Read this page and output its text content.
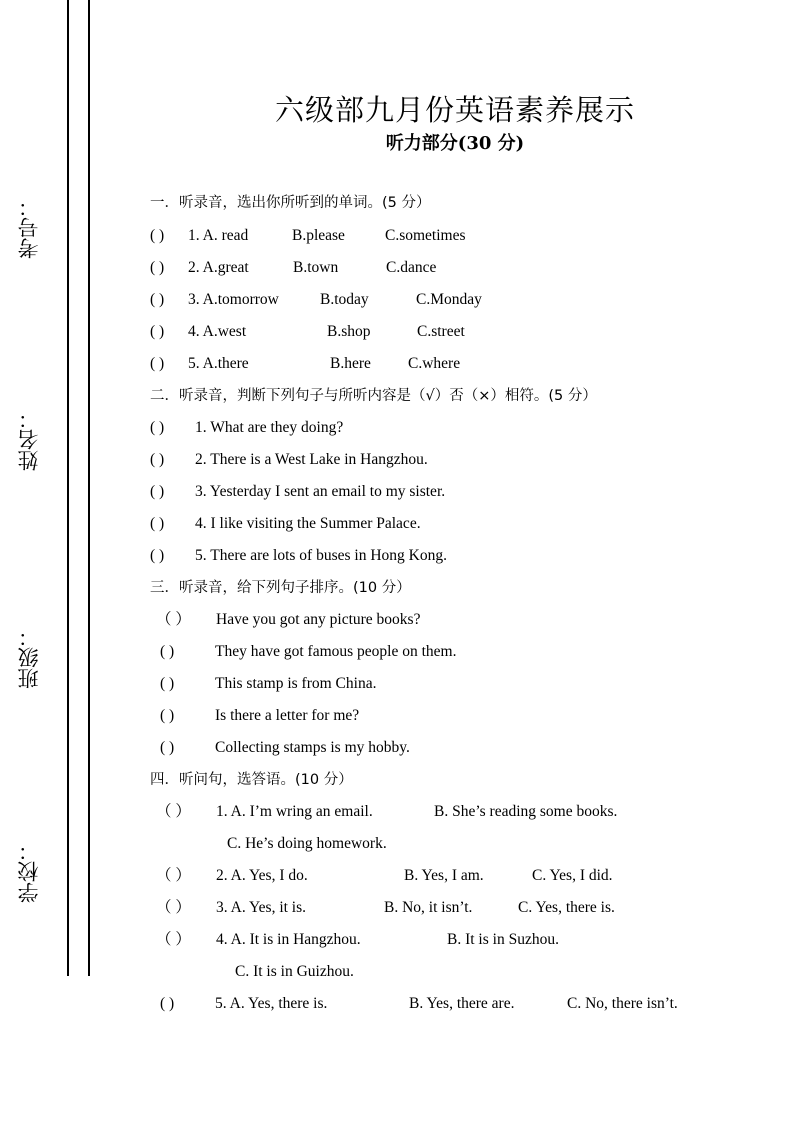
考号：
姓名：
班级：
学校：
六级部九月份英语素养展示
听力部分(30 分)
一．听录音，选出你所听到的单词。(5 分）
( ) 1. A. read	B.please	C.sometimes
( ) 2. A.great	B.town	C.dance
( ) 3. A.tomorrow	B.today	C.Monday
( ) 4. A.west	B.shop	C.street
( ) 5. A.there	B.here C.where
二．听录音，判断下列句子与所听内容是（√）否（×）相符。(5 分）
( ) 1. What are they doing?
( ) 2. There is a West Lake in Hangzhou.
( ) 3. Yesterday I sent an email to my sister.
( ) 4. I like visiting the Summer Palace.
( ) 5. There are lots of buses in Hong Kong.
三．听录音，给下列句子排序。(10 分）
（ ） Have you got any picture books?
( )	They have got famous people on them.
( )	This stamp is from China.
( )	Is there a letter for me?
( )	Collecting stamps is my hobby.
四．听问句，选答语。(10 分）
（ ） 1. A. I’m wring an email.	B. She’s reading some books.
C. He’s doing homework.
（ ） 2. A. Yes, I do.	B. Yes, I am.	C. Yes, I did.
（ ） 3. A. Yes, it is.	B. No, it isn’t.	C. Yes, there is.
（ ） 4. A. It is in Hangzhou.	B. It is in Suzhou.
C. It is in Guizhou.
( )	5. A. Yes, there is.	B. Yes, there are.	C. No, there isn’t.
